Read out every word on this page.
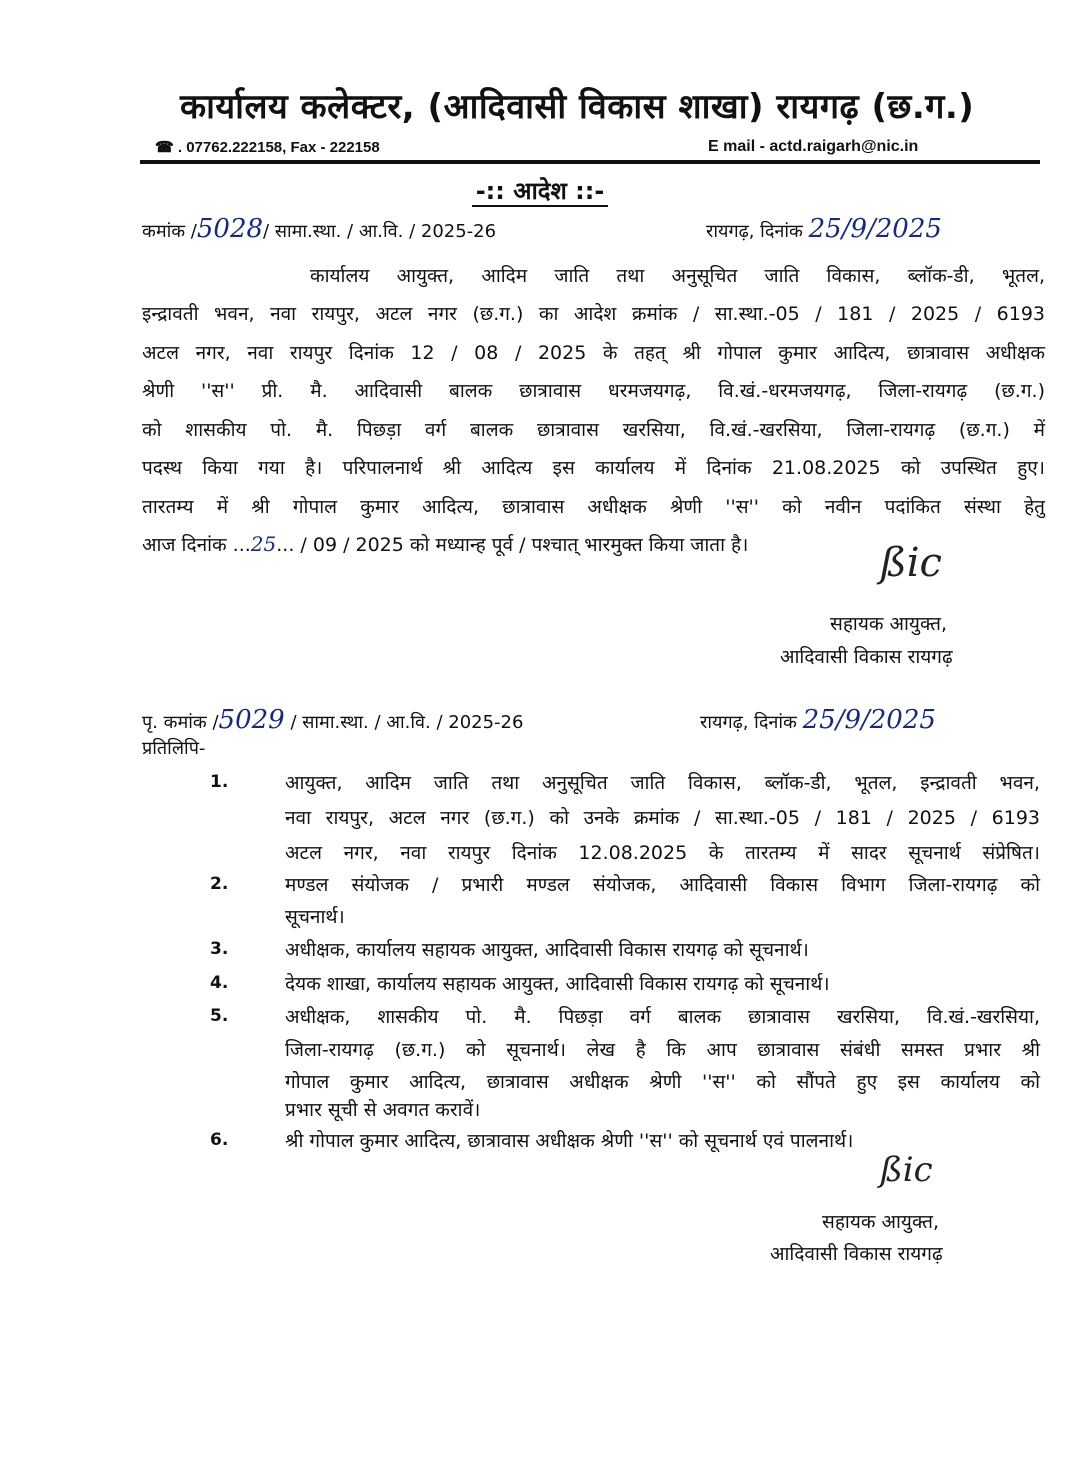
कार्यालय कलेक्टर, (आदिवासी विकास शाखा) रायगढ़ (छ.ग.)
☎ . 07762.222158, Fax - 222158	E mail - actd.raigarh@nic.in
-:: आदेश ::-
कमांक /5028/ सामा.स्था. / आ.वि. / 2025-26	रायगढ़, दिनांक 25/9/2025
कार्यालय आयुक्त, आदिम जाति तथा अनुसूचित जाति विकास, ब्लॉक-डी, भूतल,
इन्द्रावती भवन, नवा रायपुर, अटल नगर (छ.ग.) का आदेश क्रमांक / सा.स्था.-05 / 181 / 2025 / 6193
अटल नगर, नवा रायपुर दिनांक 12 / 08 / 2025 के तहत् श्री गोपाल कुमार आदित्य, छात्रावास अधीक्षक
श्रेणी ''स'' प्री. मै. आदिवासी बालक छात्रावास धरमजयगढ़, वि.खं.-धरमजयगढ़, जिला-रायगढ़ (छ.ग.)
को शासकीय पो. मै. पिछड़ा वर्ग बालक छात्रावास खरसिया, वि.खं.-खरसिया, जिला-रायगढ़ (छ.ग.) में
पदस्थ किया गया है। परिपालनार्थ श्री आदित्य इस कार्यालय में दिनांक 21.08.2025 को उपस्थित हुए।
तारतम्य में श्री गोपाल कुमार आदित्य, छात्रावास अधीक्षक श्रेणी ''स'' को नवीन पदांकित संस्था हेतु
आज दिनांक ...25... / 09 / 2025 को मध्यान्ह पूर्व / पश्चात् भारमुक्त किया जाता है।	ßic
सहायक आयुक्त,
आदिवासी विकास रायगढ़
पृ. कमांक /5029 / सामा.स्था. / आ.वि. / 2025-26	रायगढ़, दिनांक 25/9/2025
प्रतिलिपि-
1.	आयुक्त, आदिम जाति तथा अनुसूचित जाति विकास, ब्लॉक-डी, भूतल, इन्द्रावती भवन,
नवा रायपुर, अटल नगर (छ.ग.) को उनके क्रमांक / सा.स्था.-05 / 181 / 2025 / 6193
अटल नगर, नवा रायपुर दिनांक 12.08.2025 के तारतम्य में सादर सूचनार्थ संप्रेषित।
2.	मण्डल संयोजक / प्रभारी मण्डल संयोजक, आदिवासी विकास विभाग जिला-रायगढ़ को
सूचनार्थ।
3.	अधीक्षक, कार्यालय सहायक आयुक्त, आदिवासी विकास रायगढ़ को सूचनार्थ।
4.	देयक शाखा, कार्यालय सहायक आयुक्त, आदिवासी विकास रायगढ़ को सूचनार्थ।
5.	अधीक्षक, शासकीय पो. मै. पिछड़ा वर्ग बालक छात्रावास खरसिया, वि.खं.-खरसिया,
जिला-रायगढ़ (छ.ग.) को सूचनार्थ। लेख है कि आप छात्रावास संबंधी समस्त प्रभार श्री
गोपाल कुमार आदित्य, छात्रावास अधीक्षक श्रेणी ''स'' को सौंपते हुए इस कार्यालय को
प्रभार सूची से अवगत करावें।
6.	श्री गोपाल कुमार आदित्य, छात्रावास अधीक्षक श्रेणी ''स'' को सूचनार्थ एवं पालनार्थ।
ßic
सहायक आयुक्त,
आदिवासी विकास रायगढ़
